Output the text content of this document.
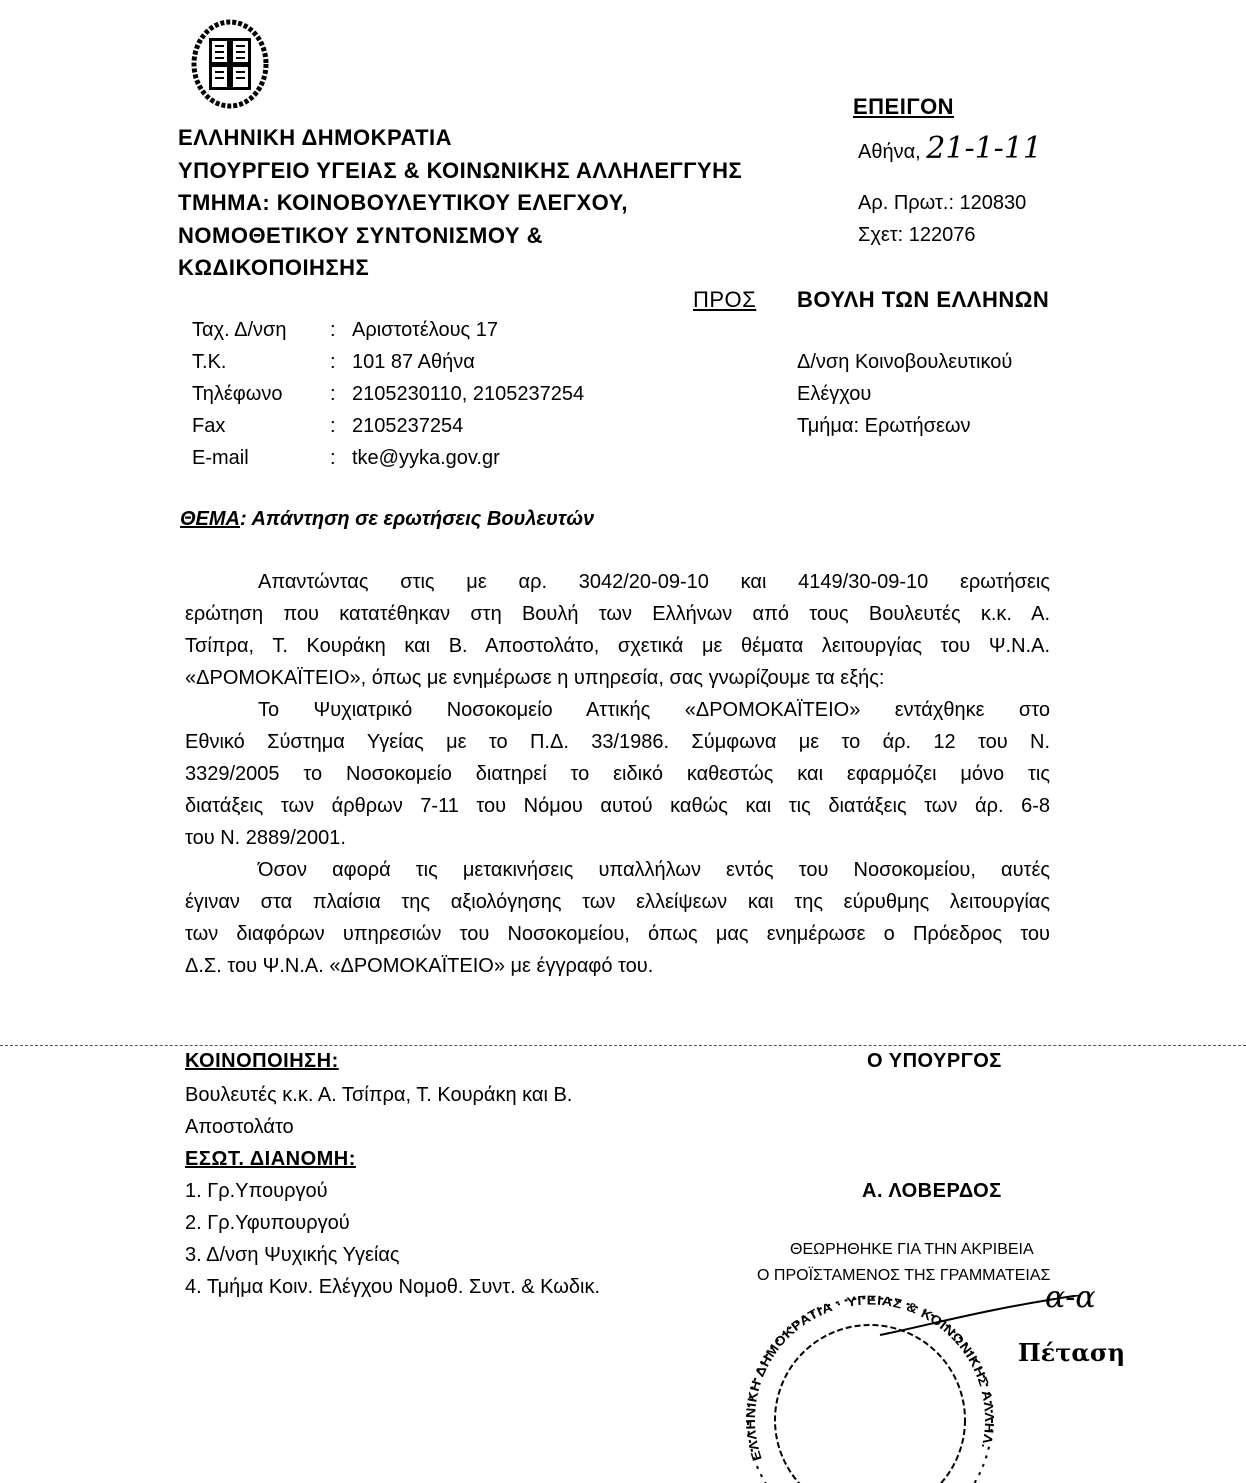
ΕΠΕΙΓΟΝ
Αθήνα, 21-1-11
Αρ. Πρωτ.: 120830
Σχετ: 122076
ΠΡΟΣ ΒΟΥΛΗ ΤΩΝ ΕΛΛΗΝΩΝ
ΘΕΜΑ: Απάντηση σε ερωτήσεις Βουλευτών
ΚΟΙΝΟΠΟΙΗΣΗ:
Βουλευτές κ.κ. Α. Τσίπρα, Τ. Κουράκη και Β.
Αποστολάτο
ΕΣΩΤ. ΔΙΑΝΟΜΗ:
1. Γρ.Υπουργού
2. Γρ.Υφυπουργού
3. Δ/νση Ψυχικής Υγείας
4. Τμήμα Κοιν. Ελέγχου Νομοθ. Συντ. & Κωδικ.
Ο ΥΠΟΥΡΓΟΣ
Α. ΛΟΒΕΡΔΟΣ
ΘΕΩΡΗΘΗΚΕ ΓΙΑ ΤΗΝ ΑΚΡΙΒΕΙΑ
Ο ΠΡΟΪΣΤΑΜΕΝΟΣ ΤΗΣ ΓΡΑΜΜΑΤΕΙΑΣ
ΕΛΛΗΝΙΚΗ ΔΗΜΟΚΡΑΤΙΑ · ΥΓΕΙΑΣ & ΚΟΙΝΩΝΙΚΗΣ ΑΛΛΗΛ.
α-α
Πέταση
ΕΛΛΗΝΙΚΗ ΔΗΜΟΚΡΑΤΙΑ
ΥΠΟΥΡΓΕΙΟ ΥΓΕΙΑΣ & ΚΟΙΝΩΝΙΚΗΣ ΑΛΛΗΛΕΓΓΥΗΣ
ΤΜΗΜΑ: ΚΟΙΝΟΒΟΥΛΕΥΤΙΚΟΥ ΕΛΕΓΧΟΥ,
ΝΟΜΟΘΕΤΙΚΟΥ ΣΥΝΤΟΝΙΣΜΟΥ &
ΚΩΔΙΚΟΠΟΙΗΣΗΣ
Δ/νση Κοινοβουλευτικού
Ελέγχου
Τμήμα: Ερωτήσεων
Ταχ. Δ/νση : Αριστοτέλους 17
Τ.Κ.	: 101 87 Αθήνα
Τηλέφωνο : 2105230110, 2105237254
Fax	: 2105237254
E-mail	: tke@yyka.gov.gr
Απαντώντας στις με αρ. 3042/20-09-10 και 4149/30-09-10 ερωτήσεις
ερώτηση που κατατέθηκαν στη Βουλή των Ελλήνων από τους Βουλευτές κ.κ. Α.
Τσίπρα, Τ. Κουράκη και Β. Αποστολάτο, σχετικά με θέματα λειτουργίας του Ψ.Ν.Α.
«ΔΡΟΜΟΚΑΪΤΕΙΟ», όπως με ενημέρωσε η υπηρεσία, σας γνωρίζουμε τα εξής:
Το Ψυχιατρικό Νοσοκομείο Αττικής «ΔΡΟΜΟΚΑΪΤΕΙΟ» εντάχθηκε στο
Εθνικό Σύστημα Υγείας με το Π.Δ. 33/1986. Σύμφωνα με το άρ. 12 του Ν.
3329/2005 το Νοσοκομείο διατηρεί το ειδικό καθεστώς και εφαρμόζει μόνο τις
διατάξεις των άρθρων 7-11 του Νόμου αυτού καθώς και τις διατάξεις των άρ. 6-8
του Ν. 2889/2001.
Όσον αφορά τις μετακινήσεις υπαλλήλων εντός του Νοσοκομείου, αυτές
έγιναν στα πλαίσια της αξιολόγησης των ελλείψεων και της εύρυθμης λειτουργίας
των διαφόρων υπηρεσιών του Νοσοκομείου, όπως μας ενημέρωσε ο Πρόεδρος του
Δ.Σ. του Ψ.Ν.Α. «ΔΡΟΜΟΚΑΪΤΕΙΟ» με έγγραφό του.
